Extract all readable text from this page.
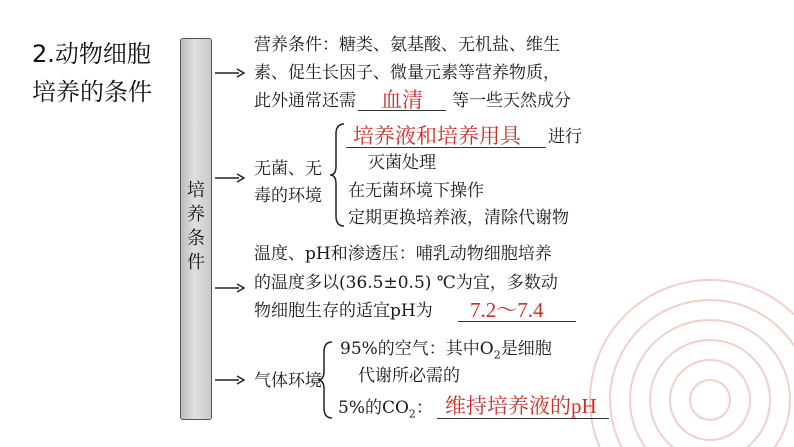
2.动物细胞
培养的条件
培
养
条
件
营养条件：糖类、氨基酸、无机盐、维生
素、促生长因子、微量元素等营养物质，
此外通常还需 血清 等一些天然成分
无菌、无
毒的环境
培养液和培养用具 进行
灭菌处理
在无菌环境下操作
定期更换培养液，清除代谢物
温度、pH和渗透压：哺乳动物细胞培养
的温度多以(36.5±0.5) ℃为宜，多数动
物细胞生存的适宜pH为 7.2～7.4
气体环境
95%的空气：其中$O_2$是细胞
代谢所必需的
5%的$CO_2$： 维持培养液的pH
